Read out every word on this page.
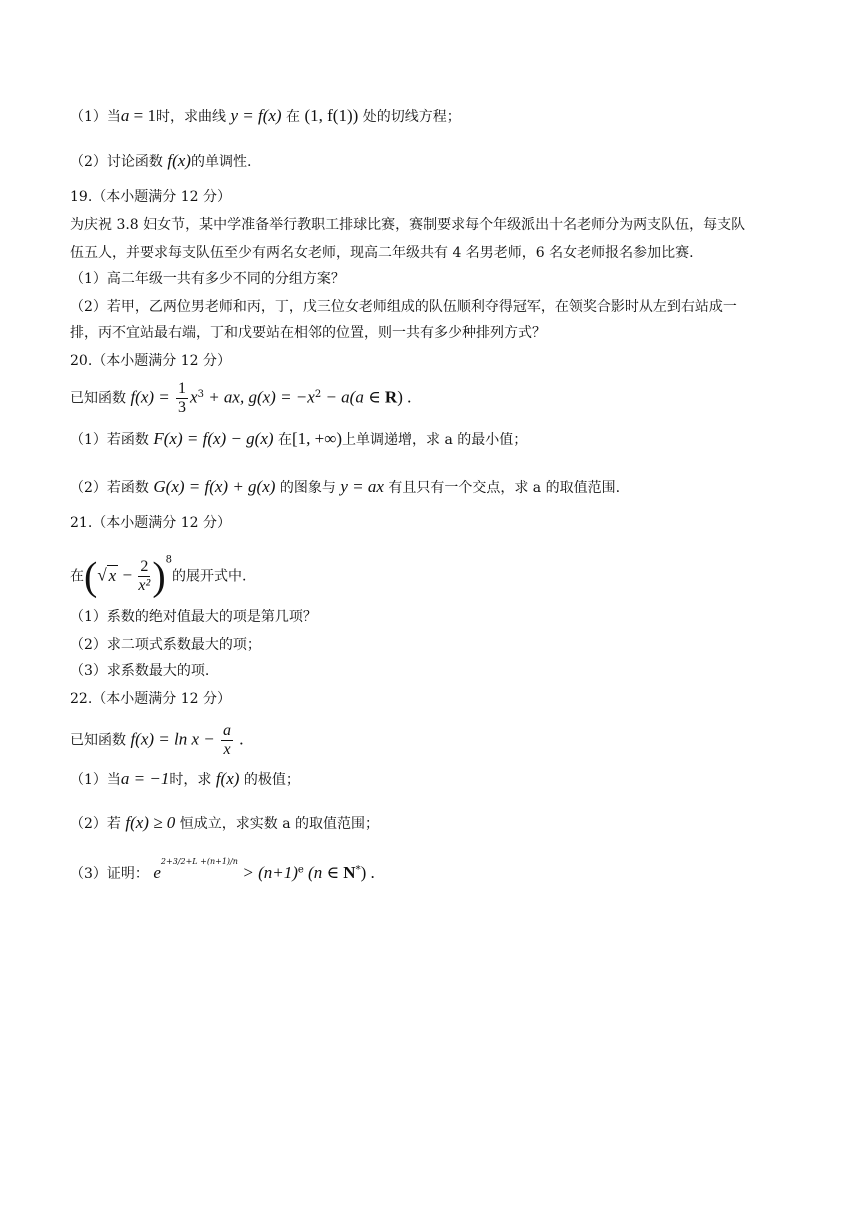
（1）当a = 1时，求曲线 y = f(x) 在 (1, f(1)) 处的切线方程；
（2）讨论函数 f(x)的单调性.
19.（本小题满分 12 分）
为庆祝 3.8 妇女节，某中学准备举行教职工排球比赛，赛制要求每个年级派出十名老师分为两支队伍，每支队
伍五人，并要求每支队伍至少有两名女老师，现高二年级共有 4 名男老师，6 名女老师报名参加比赛.
（1）高二年级一共有多少不同的分组方案？
（2）若甲，乙两位男老师和丙，丁，戊三位女老师组成的队伍顺利夺得冠军，在领奖合影时从左到右站成一
排，丙不宜站最右端，丁和戊要站在相邻的位置，则一共有多少种排列方式？
20.（本小题满分 12 分）
已知函数 $f(x) = \frac{1}{3} x^3$ + ax, $g(x) = -x^2 - a(a$ ∈ R) .
（1）若函数 F(x) = f(x) − g(x) 在[1, +∞)上单调递增，求 a 的最小值；
（2）若函数 G(x) = f(x) + g(x) 的图象与 y = ax 有且只有一个交点，求 a 的取值范围.
21.（本小题满分 12 分）
在(√ $x - \frac{2}{\text{x²}} )^8$的展开式中.
（1）系数的绝对值最大的项是第几项？
（2）求二项式系数最大的项；
（3）求系数最大的项.
22.（本小题满分 12 分）
已知函数 $f(x) = \ln x - \frac{a}{x}$ .
（1）当a = −1时，求 f(x) 的极值；
（2）若 f(x) ≥ 0 恒成立，求实数 a 的取值范围；
（3）证明： $e^{2+3/2+L +(n+1)/n} > (n+1)^e$ (n ∈ N*) .
